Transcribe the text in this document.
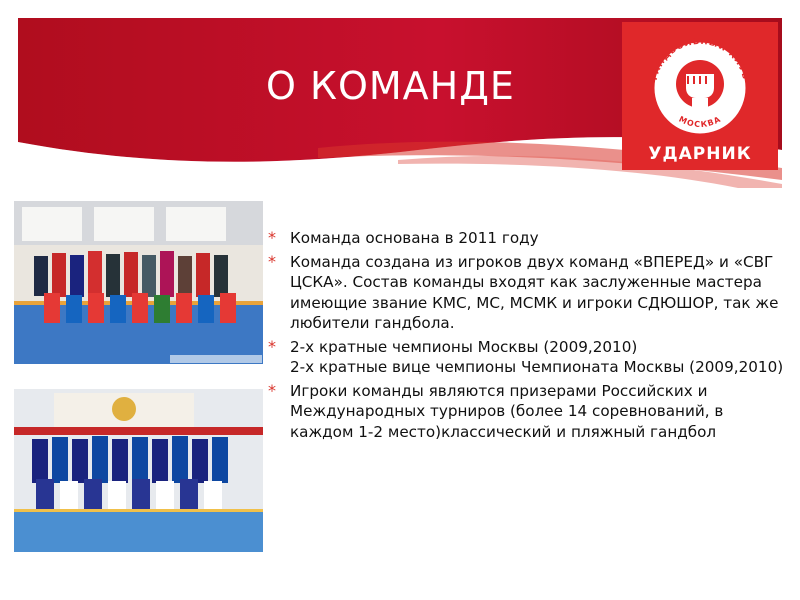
О КОМАНДЕ	ГАНДБОЛЬНЫЙ КЛУБ
МОСКВА
УДАРНИК
* Команда основана в 2011 году
* Команда создана из игроков двух команд «ВПЕРЕД» и «СВГ ЦСКА». Состав команды входят как заслуженные мастера имеющие звание КМС, МС, МСМК и игроки СДЮШОР, так же любители гандбола.
* 2-х кратные чемпионы Москвы (2009,2010)
2-х кратные вице чемпионы Чемпионата Москвы (2009,2010)
* Игроки команды являются призерами Российских и Международных турниров (более 14 соревнований, в каждом 1-2 место)классический и пляжный гандбол
